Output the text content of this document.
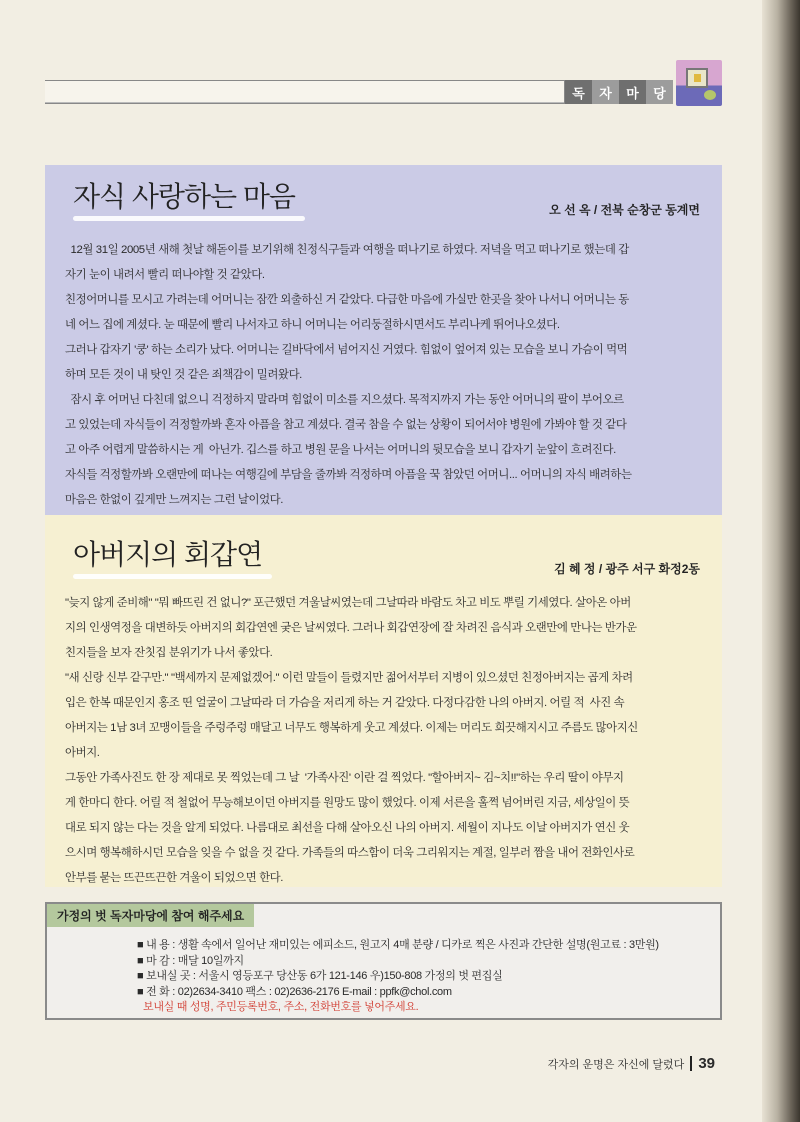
독	자	마	당
자식 사랑하는 마음	오 선 옥 / 전북 순창군 동계면
12월 31일 2005년 새해 첫날 해돋이를 보기위해 친정식구들과 여행을 떠나기로 하였다. 저녁을 먹고 떠나기로 했는데 갑
자기 눈이 내려서 빨리 떠나야할 것 같았다.
친정어머니를 모시고 가려는데 어머니는 잠깐 외출하신 거 같았다. 다급한 마음에 가실만 한곳을 찾아 나서니 어머니는 동
네 어느 집에 계셨다. 눈 때문에 빨리 나서자고 하니 어머니는 어리둥절하시면서도 부리나케 뛰어나오셨다.
그러나 갑자기 '쿵' 하는 소리가 났다. 어머니는 길바닥에서 넘어지신 거였다. 힘없이 엎어져 있는 모습을 보니 가슴이 먹먹
하며 모든 것이 내 탓인 것 같은 죄책감이 밀려왔다.
잠시 후 어머닌 다친데 없으니 걱정하지 말라며 힘없이 미소를 지으셨다. 목적지까지 가는 동안 어머니의 팔이 부어오르
고 있었는데 자식들이 걱정할까봐 혼자 아픔을 참고 계셨다. 결국 참을 수 없는 상황이 되어서야 병원에 가봐야 할 것 같다
고 아주 어렵게 말씀하시는 게  아닌가. 깁스를 하고 병원 문을 나서는 어머니의 뒷모습을 보니 갑자기 눈앞이 흐려진다.
자식들 걱정할까봐 오랜만에 떠나는 여행길에 부담을 줄까봐 걱정하며 아픔을 꾹 참았던 어머니... 어머니의 자식 배려하는
마음은 한없이 깊게만 느껴지는 그런 날이었다.
아버지의 회갑연	김 혜 정 / 광주 서구 화정2동
"늦지 않게 준비해" "뭐 빠뜨린 건 없니?" 포근했던 겨울날씨였는데 그날따라 바람도 차고 비도 뿌릴 기세였다. 살아온 아버
지의 인생역정을 대변하듯 아버지의 회갑연엔 궂은 날씨였다. 그러나 회갑연장에 잘 차려진 음식과 오랜만에 만나는 반가운
친지들을 보자 잔칫집 분위기가 나서 좋았다.
"새 신랑 신부 같구만." "백세까지 문제없겠어." 이런 말들이 들렸지만 젊어서부터 지병이 있으셨던 친정아버지는 곱게 차려
입은 한복 때문인지 홍조 띤 얼굴이 그날따라 더 가슴을 저리게 하는 거 같았다. 다정다감한 나의 아버지. 어릴 적  사진 속
아버지는 1남 3녀 꼬맹이들을 주렁주렁 매달고 너무도 행복하게 웃고 계셨다. 이제는 머리도 희끗해지시고 주름도 많아지신
아버지.
그동안 가족사진도 한 장 제대로 못 찍었는데 그 날  '가족사진' 이란 걸 찍었다. "할아버지~ 김~치!!"하는 우리 딸이 야무지
게 한마디 한다. 어릴 적 철없어 무능해보이던 아버지를 원망도 많이 했었다. 이제 서른을 훌쩍 넘어버린 지금, 세상일이 뜻
대로 되지 않는 다는 것을 알게 되었다. 나름대로 최선을 다해 살아오신 나의 아버지. 세월이 지나도 이날 아버지가 연신 웃
으시며 행복해하시던 모습을 잊을 수 없을 것 같다. 가족들의 따스함이 더욱 그리워지는 계절, 일부러 짬을 내어 전화인사로
안부를 묻는 뜨끈뜨끈한 겨울이 되었으면 한다.
가정의 벗 독자마당에 참여 해주세요
■ 내 용 : 생활 속에서 일어난 재미있는 에피소드, 원고지 4매 분량 / 디카로 찍은 사진과 간단한 설명(원고료 : 3만원)
■ 마 감 : 매달 10일까지
■ 보내실 곳 : 서울시 영등포구 당산동 6가 121-146 우)150-808 가정의 벗 편집실
■ 전 화 : 02)2634-3410 팩스 : 02)2636-2176 E-mail : ppfk@chol.com
보내실 때 성명, 주민등록번호, 주소, 전화번호를 넣어주세요.
각자의 운명은 자신에 달렸다 39
